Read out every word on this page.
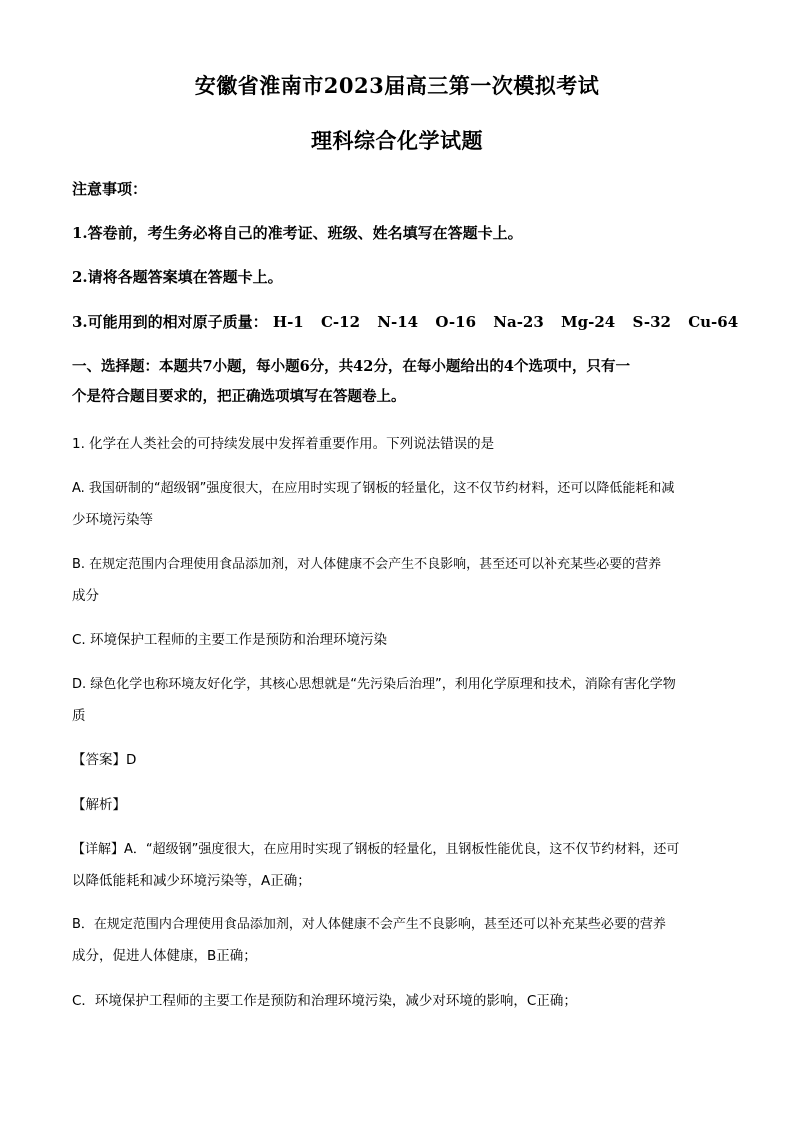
安徽省淮南市2023届高三第一次模拟考试
理科综合化学试题
注意事项：
1.答卷前，考生务必将自己的准考证、班级、姓名填写在答题卡上。
2.请将各题答案填在答题卡上。
3.可能用到的相对原子质量： H-1 C-12 N-14 O-16 Na-23 Mg-24 S-32 Cu-64
一、选择题：本题共7小题，每小题6分，共42分，在每小题给出的4个选项中，只有一
个是符合题目要求的，把正确选项填写在答题卷上。
1. 化学在人类社会的可持续发展中发挥着重要作用。下列说法错误的是
A. 我国研制的“超级钢”强度很大，在应用时实现了钢板的轻量化，这不仅节约材料，还可以降低能耗和减
少环境污染等
B. 在规定范围内合理使用食品添加剂，对人体健康不会产生不良影响，甚至还可以补充某些必要的营养
成分
C. 环境保护工程师的主要工作是预防和治理环境污染
D. 绿色化学也称环境友好化学，其核心思想就是“先污染后治理”，利用化学原理和技术，消除有害化学物
质
【答案】D
【解析】
【详解】A．“超级钢”强度很大，在应用时实现了钢板的轻量化，且钢板性能优良，这不仅节约材料，还可
以降低能耗和减少环境污染等，A正确；
B．在规定范围内合理使用食品添加剂，对人体健康不会产生不良影响，甚至还可以补充某些必要的营养
成分，促进人体健康，B正确；
C．环境保护工程师的主要工作是预防和治理环境污染，减少对环境的影响，C正确；
